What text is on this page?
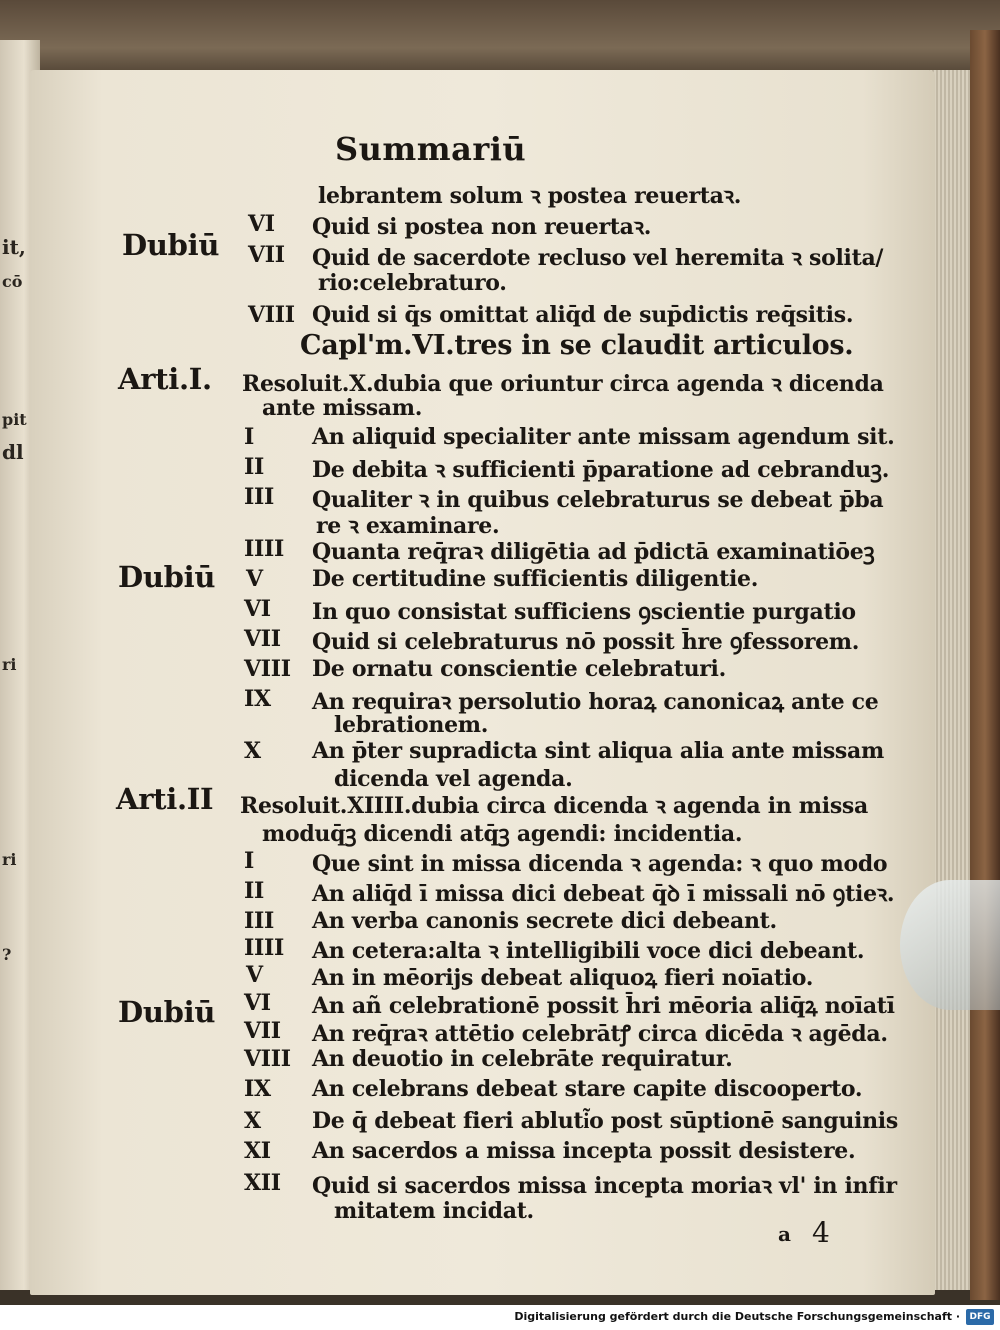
it,
cō
pit
dl
ri
ri
?
Summariū
Dubiū
Arti.I.
Dubiū
Arti.II
Dubiū
VI
VII
VIII
I
II
III
IIII
V
VI
VII
VIII
IX
X
I
II
III
IIII
V
VI
VII
VIII
IX
X
XI
XII
lebrantem solum ꝛ postea reuertaꝛ.
Quid si postea non reuertaꝛ.
Quid de sacerdote recluso vel heremita ꝛ solita/
rio:celebraturo.
Quid si q̄s omittat aliq̄d de sup̄dictis req̄sitis.
Capl'm.VI.tres in se claudit articulos.
Resoluit.X.dubia que oriuntur circa agenda ꝛ dicenda
ante missam.
An aliquid specialiter ante missam agendum sit.
De debita ꝛ sufficienti p̄paratione ad cebranduꝫ.
Qualiter ꝛ in quibus celebraturus se debeat p̄ba
re ꝛ examinare.
Quanta req̄raꝛ diligētia ad p̄dictā examinatiōeꝫ
De certitudine sufficientis diligentie.
In quo consistat sufficiens ꝯscientie purgatio
Quid si celebraturus nō possit h̄re ꝯfessorem.
De ornatu conscientie celebraturi.
An requiraꝛ persolutio horaꝝ canonicaꝝ ante ce
lebrationem.
An p̄ter supradicta sint aliqua alia ante missam
dicenda vel agenda.
Resoluit.XIIII.dubia circa dicenda ꝛ agenda in missa
moduq̄ꝫ dicendi atq̄ꝫ agendi: incidentia.
Que sint in missa dicenda ꝛ agenda: ꝛ quo modo
An aliq̄d ī missa dici debeat q̄ꝺ ī missali nō ꝯtieꝛ.
An verba canonis secrete dici debeant.
An cetera:alta ꝛ intelligibili voce dici debeant.
An in mēorijs debeat aliquoꝝ fieri noīatio.
An añ celebrationē possit h̄ri mēoria aliq̄ꝝ noīatī
An req̄raꝛ attētio celebrātꝭ circa dicēda ꝛ agēda.
An deuotio in celebrāte requiratur.
An celebrans debeat stare capite discooperto.
De q̄ debeat fieri abluti͂o post sūptionē sanguinis
An sacerdos a missa incepta possit desistere.
Quid si sacerdos missa incepta moriaꝛ vl' in infir
mitatem incidat.
a 4
Digitalisierung gefördert durch die Deutsche Forschungsgemeinschaft ·	DFG
